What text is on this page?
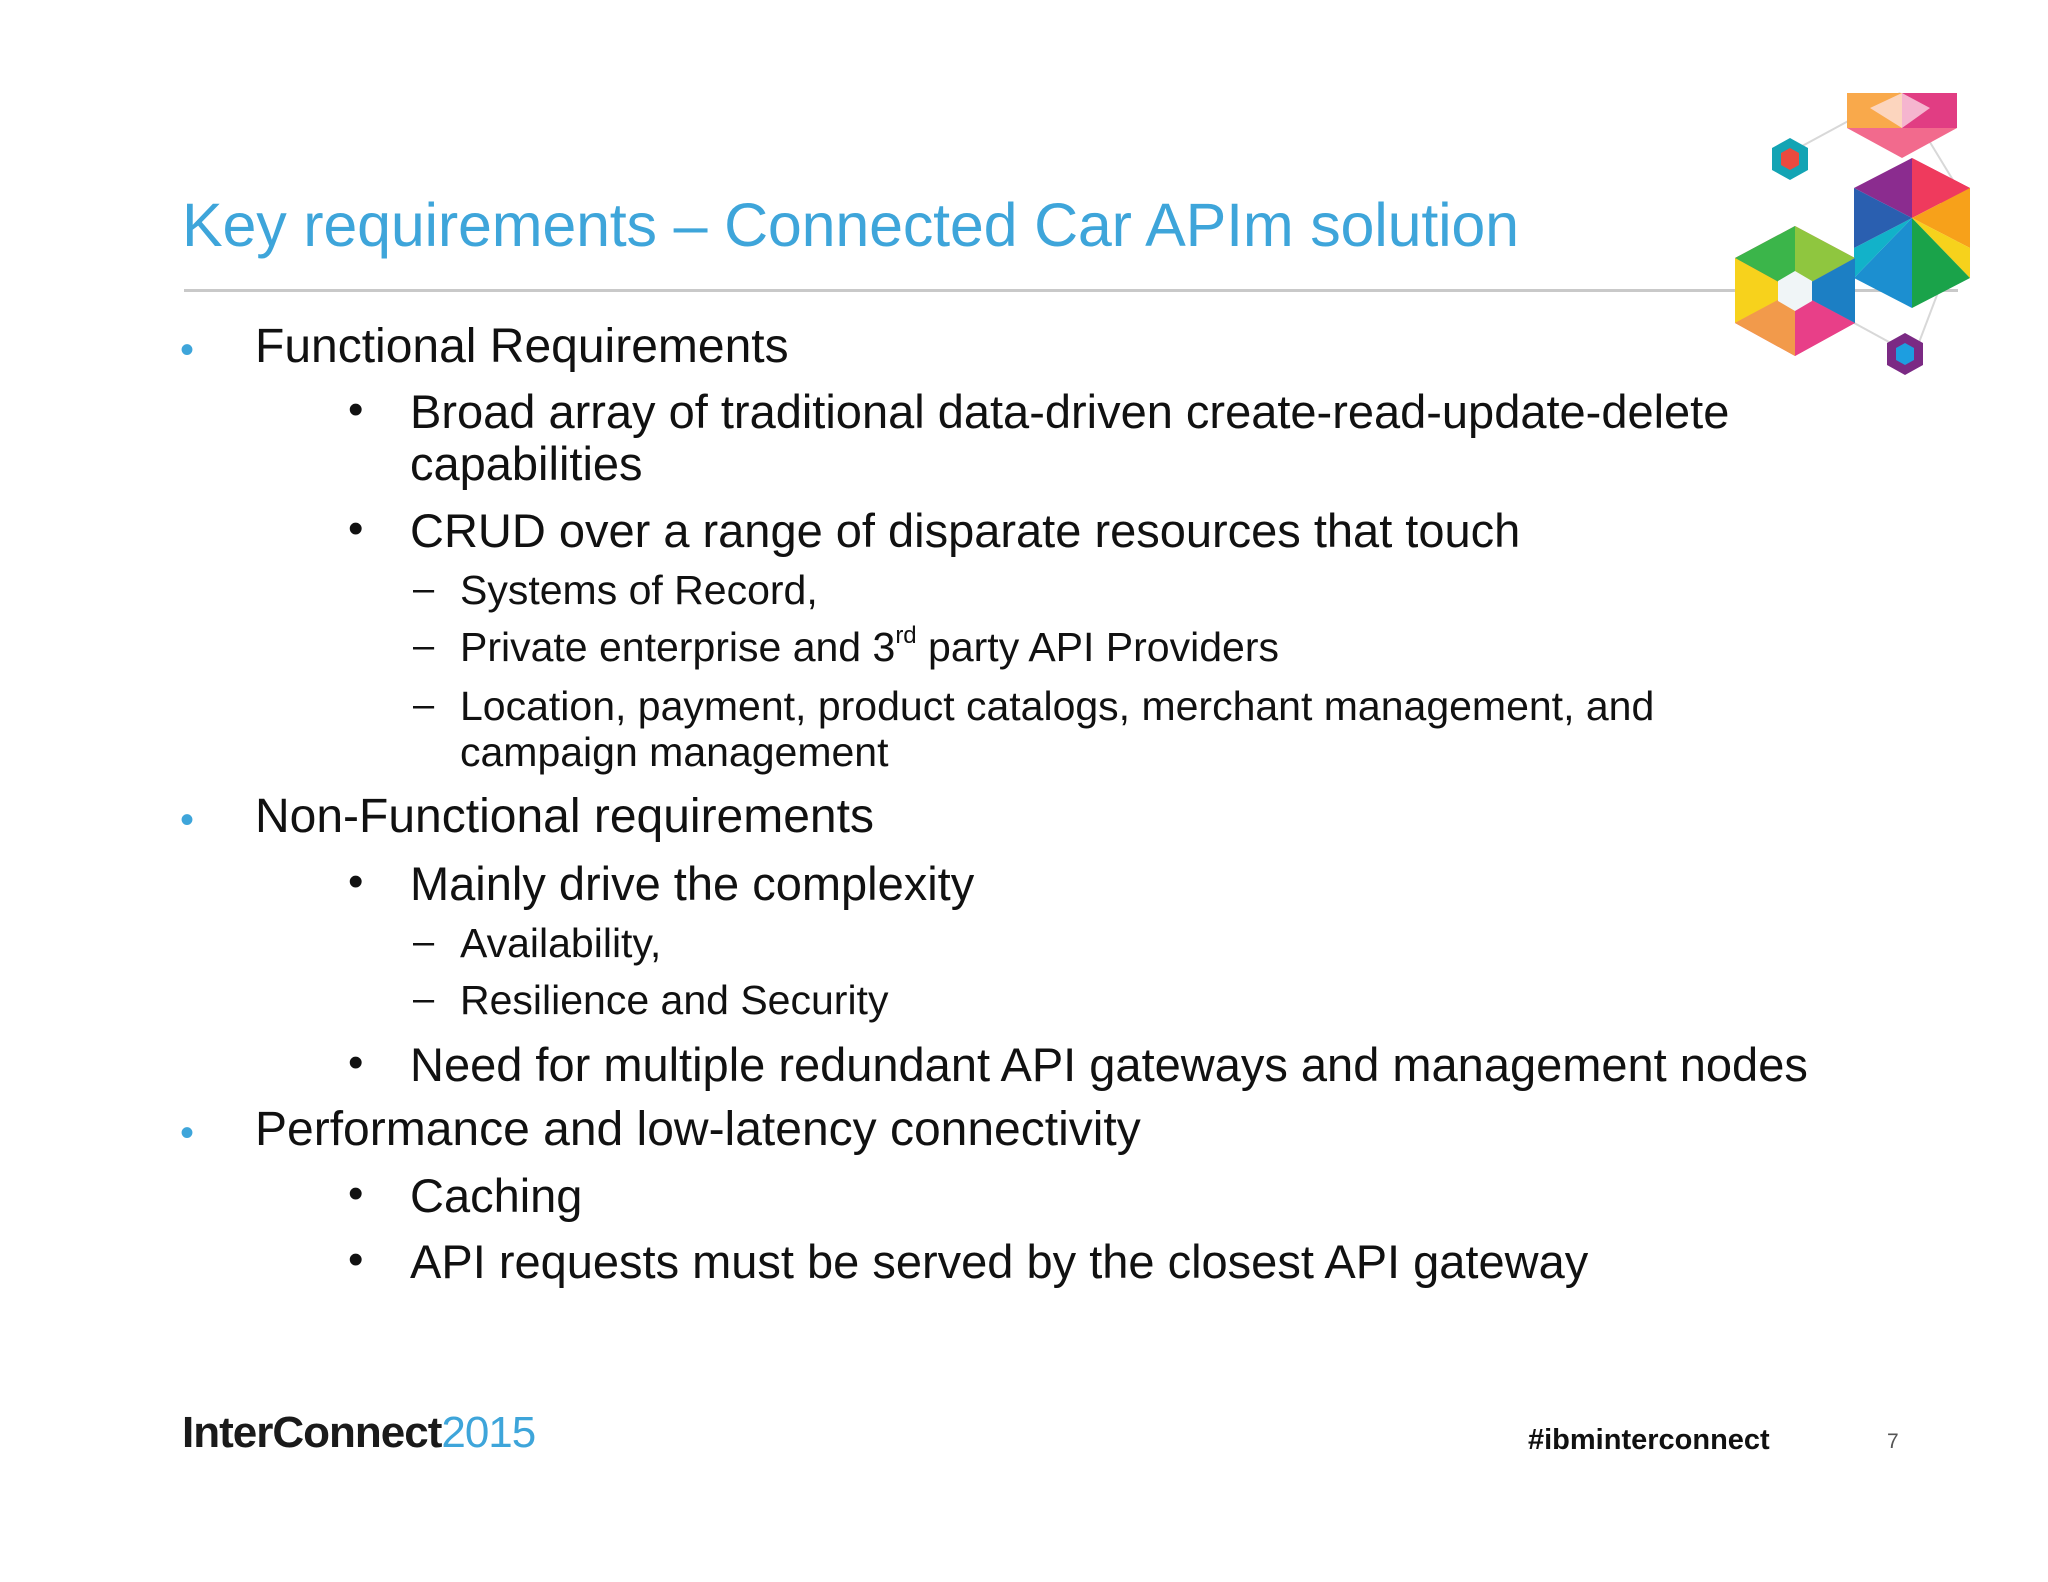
Key requirements – Connected Car APIm solution
• Functional Requirements
• Broad array of traditional data-driven create-read-update-delete
capabilities
• CRUD over a range of disparate resources that touch
– Systems of Record,
– Private enterprise and 3rd party API Providers
– Location, payment, product catalogs, merchant management, and
campaign management
• Non-Functional requirements
• Mainly drive the complexity
– Availability,
– Resilience and Security
• Need for multiple redundant API gateways and management nodes
• Performance and low-latency connectivity
• Caching
• API requests must be served by the closest API gateway
InterConnect2015	#ibminterconnect	7
